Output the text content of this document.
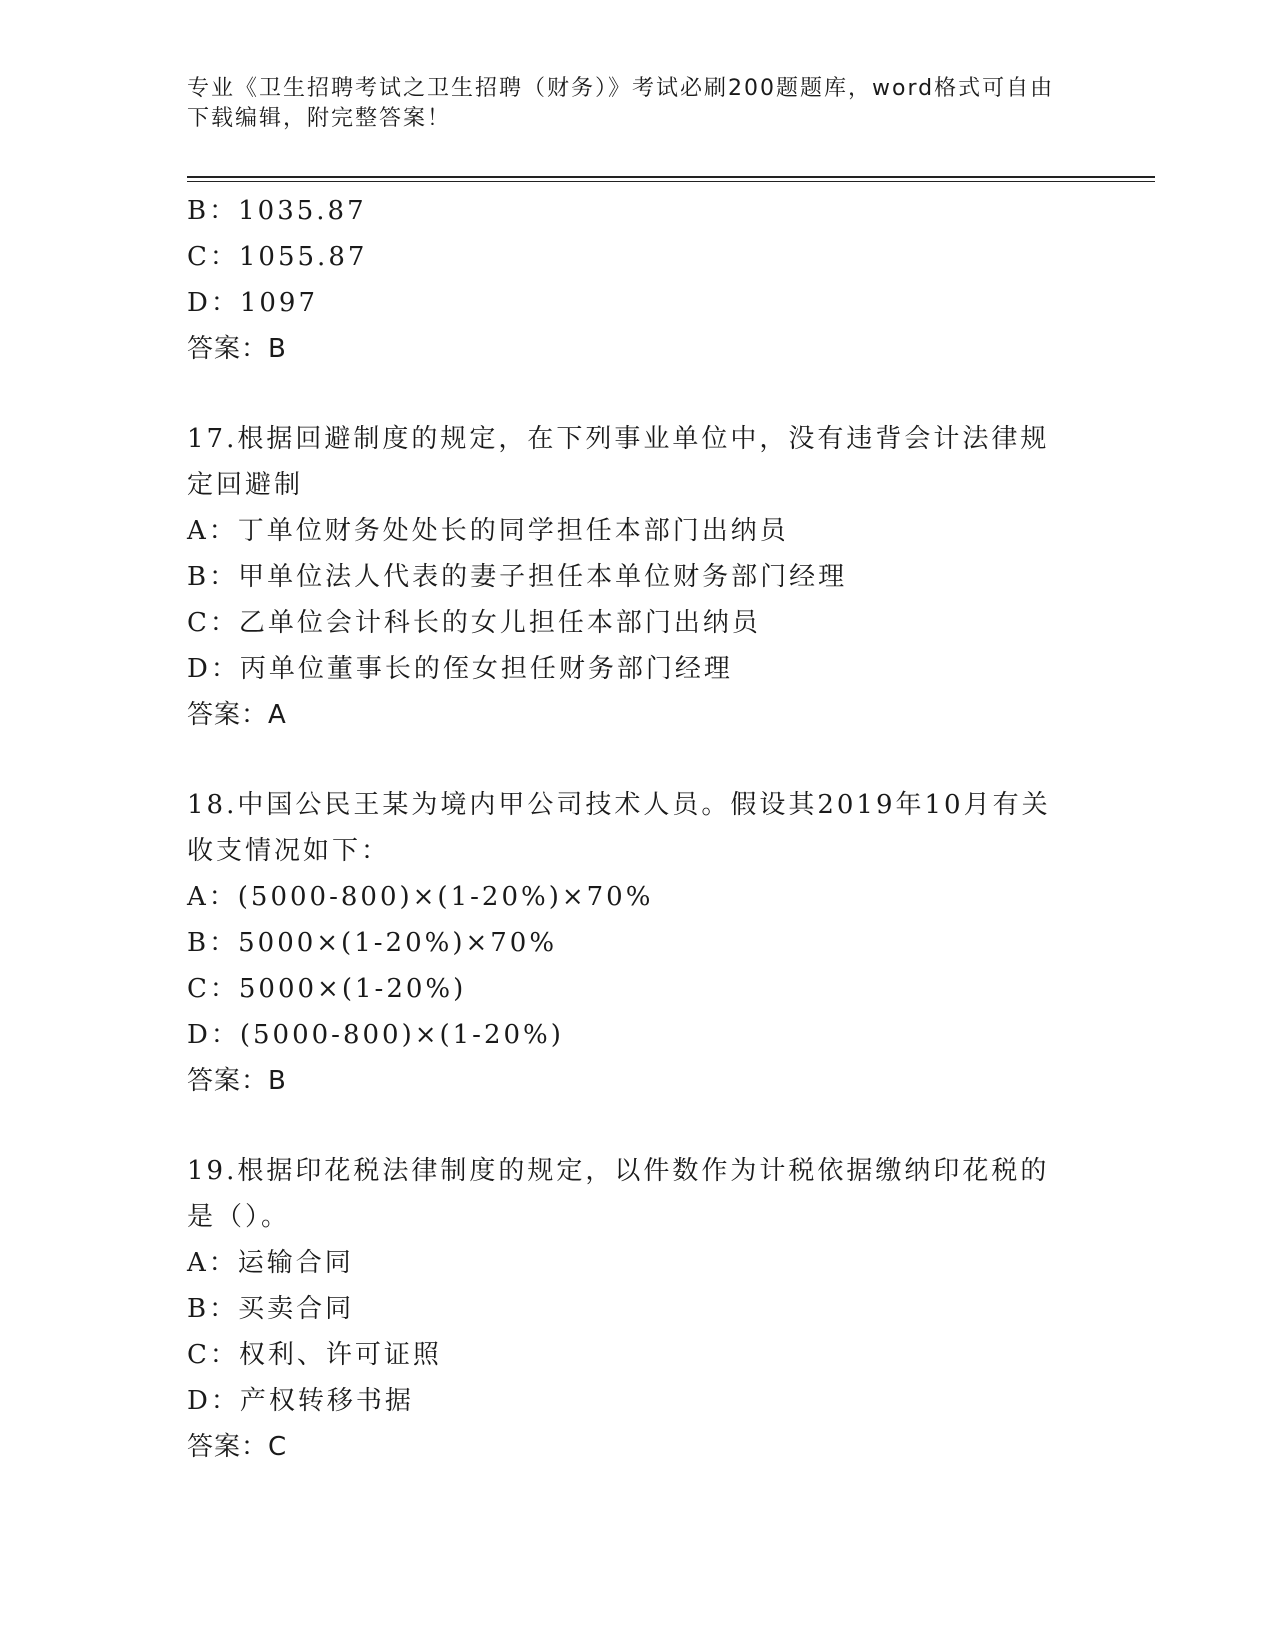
专业《卫生招聘考试之卫生招聘（财务）》考试必刷200题题库，word格式可自由下载编辑，附完整答案！
B：1035.87
C：1055.87
D：1097
答案：B
17.根据回避制度的规定，在下列事业单位中，没有违背会计法律规定回避制
A：丁单位财务处处长的同学担任本部门出纳员
B：甲单位法人代表的妻子担任本单位财务部门经理
C：乙单位会计科长的女儿担任本部门出纳员
D：丙单位董事长的侄女担任财务部门经理
答案：A
18.中国公民王某为境内甲公司技术人员。假设其2019年10月有关收支情况如下：
A：(5000-800)×(1-20%)×70%
B：5000×(1-20%)×70%
C：5000×(1-20%)
D：(5000-800)×(1-20%)
答案：B
19.根据印花税法律制度的规定，以件数作为计税依据缴纳印花税的是（）。
A：运输合同
B：买卖合同
C：权利、许可证照
D：产权转移书据
答案：C
